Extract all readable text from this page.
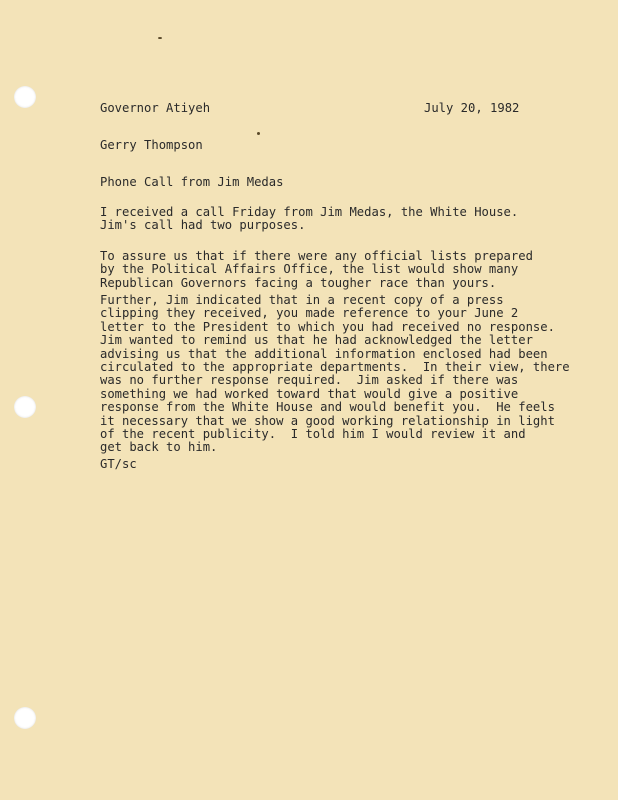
Governor Atiyeh	July 20, 1982

Gerry Thompson

Phone Call from Jim Medas

I received a call Friday from Jim Medas, the White House.
Jim's call had two purposes.
To assure us that if there were any official lists prepared
by the Political Affairs Office, the list would show many
Republican Governors facing a tougher race than yours.
Further, Jim indicated that in a recent copy of a press
clipping they received, you made reference to your June 2
letter to the President to which you had received no response.
Jim wanted to remind us that he had acknowledged the letter
advising us that the additional information enclosed had been
circulated to the appropriate departments.  In their view, there
was no further response required.  Jim asked if there was
something we had worked toward that would give a positive
response from the White House and would benefit you.  He feels
it necessary that we show a good working relationship in light
of the recent publicity.  I told him I would review it and
get back to him.

GT/sc
